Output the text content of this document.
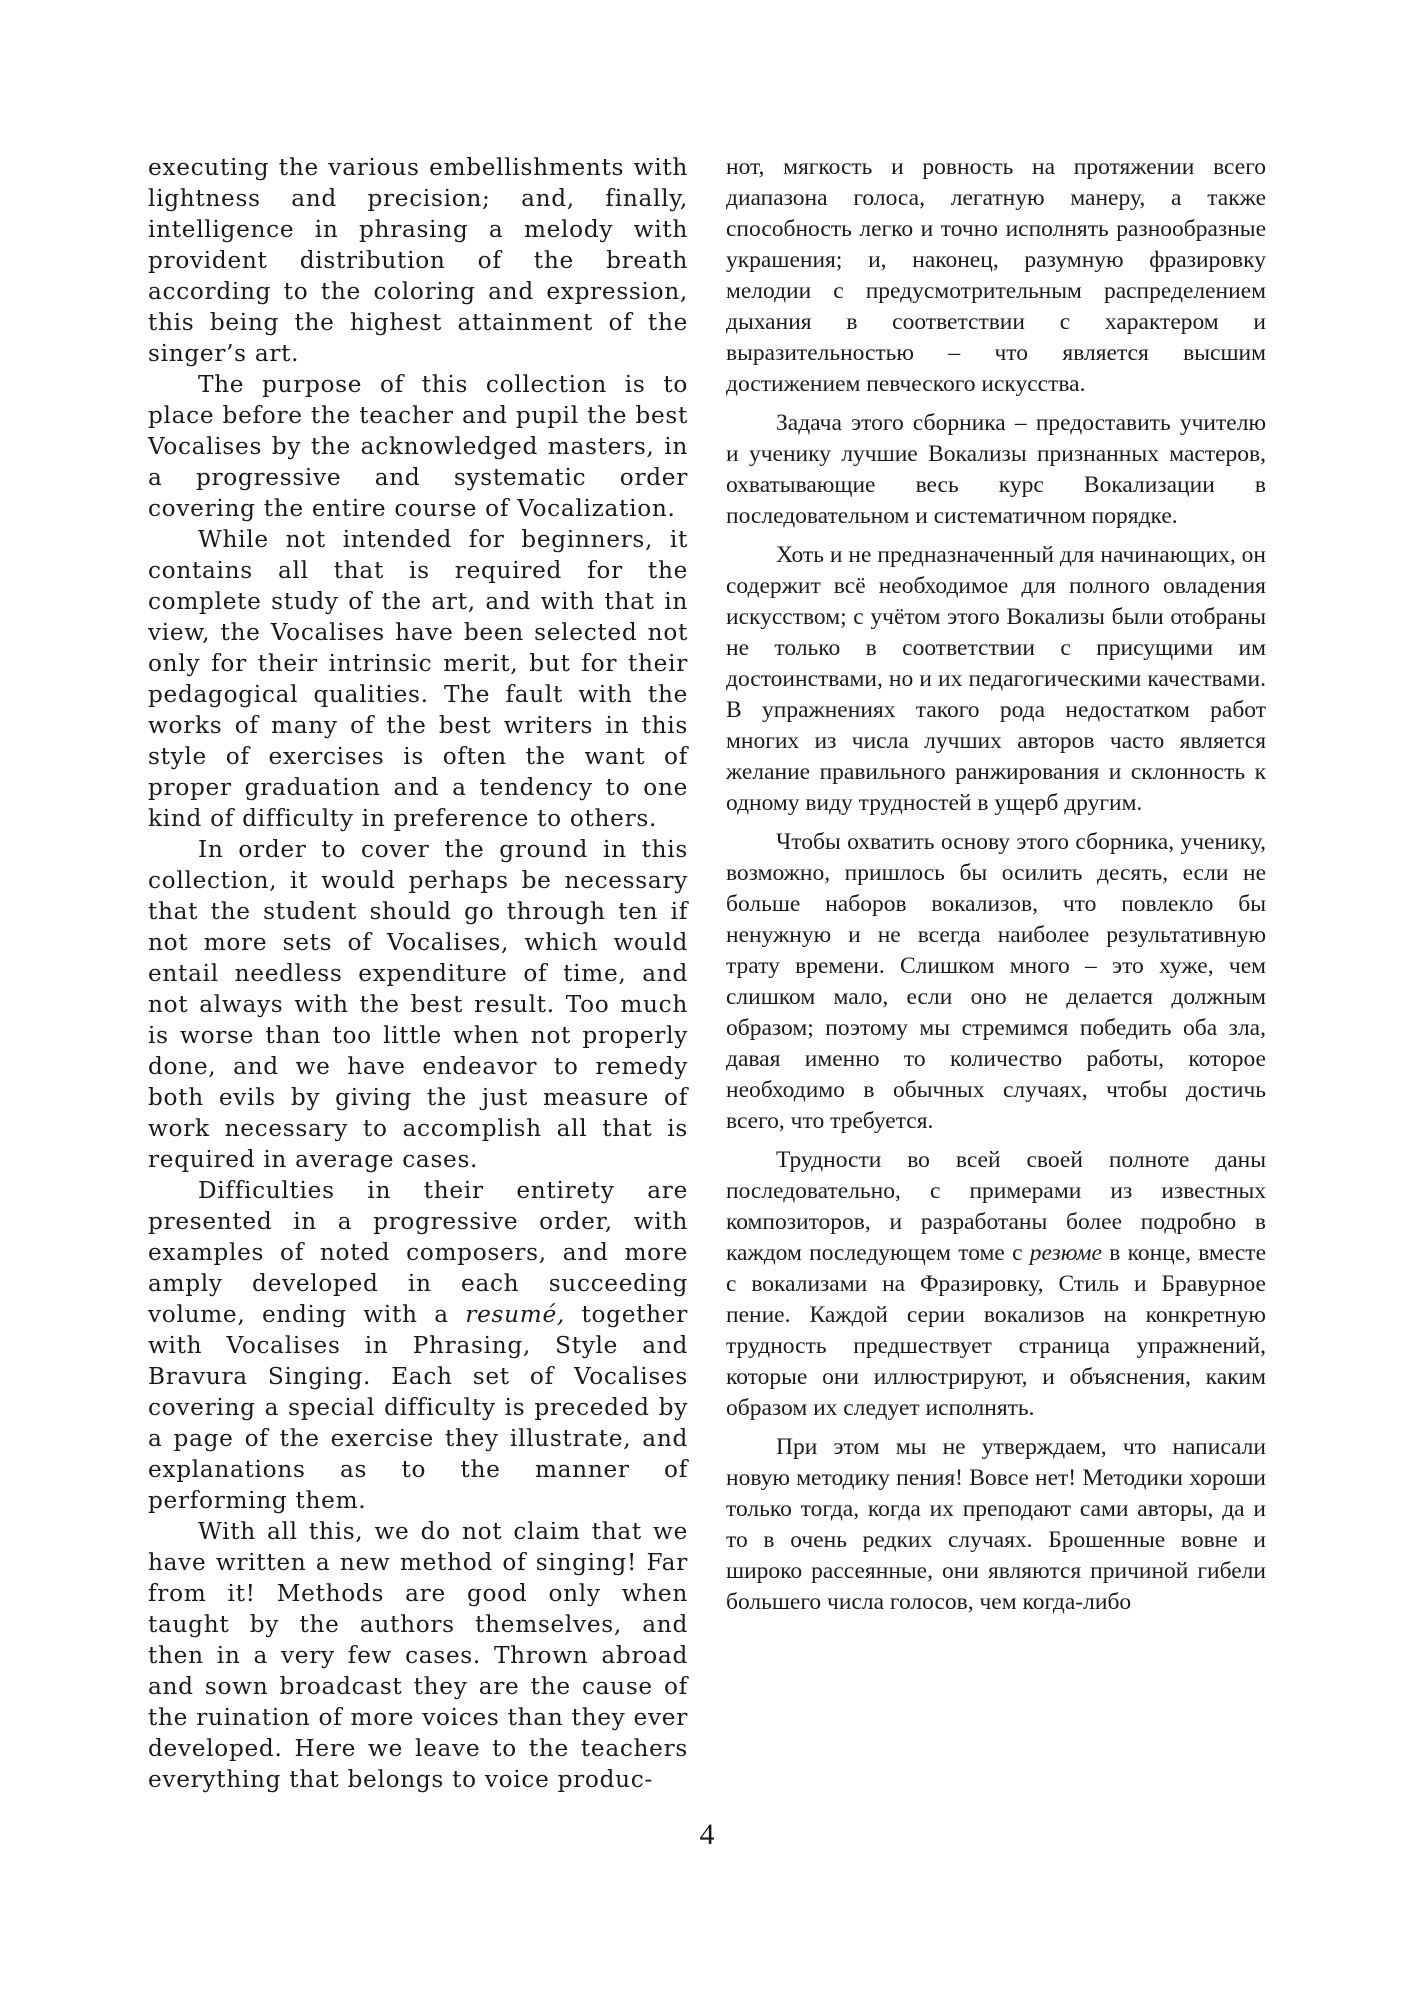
executing the various embellishments with lightness and precision; and, finally, intelligence in phrasing a melody with provident distribution of the breath according to the coloring and expression, this being the highest attainment of the singer’s art.

The purpose of this collection is to place before the teacher and pupil the best Vocalises by the acknowledged masters, in a progressive and systematic order covering the entire course of Vocalization.

While not intended for beginners, it contains all that is required for the complete study of the art, and with that in view, the Vocalises have been selected not only for their intrinsic merit, but for their pedagogical qualities. The fault with the works of many of the best writers in this style of exercises is often the want of proper graduation and a tendency to one kind of difficulty in preference to others.

In order to cover the ground in this collection, it would perhaps be necessary that the student should go through ten if not more sets of Vocalises, which would entail needless expenditure of time, and not always with the best result. Too much is worse than too little when not properly done, and we have endeavor to remedy both evils by giving the just measure of work necessary to accomplish all that is required in average cases.

Difficulties in their entirety are presented in a progressive order, with examples of noted composers, and more amply developed in each succeeding volume, ending with a resumé, together with Vocalises in Phrasing, Style and Bravura Singing. Each set of Vocalises covering a special difficulty is preceded by a page of the exercise they illustrate, and explanations as to the manner of performing them.

With all this, we do not claim that we have written a new method of singing! Far from it! Methods are good only when taught by the authors themselves, and then in a very few cases. Thrown abroad and sown broadcast they are the cause of the ruination of more voices than they ever developed. Here we leave to the teachers everything that belongs to voice produc-

нот, мягкость и ровность на протяжении всего диапазона голоса, легатную манеру, а также способность легко и точно исполнять разнообразные украшения; и, наконец, разумную фразировку мелодии с предусмотрительным распределением дыхания в соответствии с характером и выразительностью – что является высшим достижением певческого искусства.

Задача этого сборника – предоставить учителю и ученику лучшие Вокализы признанных мастеров, охватывающие весь курс Вокализации в последовательном и систематичном порядке.

Хоть и не предназначенный для начинающих, он содержит всё необходимое для полного овладения искусством; с учётом этого Вокализы были отобраны не только в соответствии с присущими им достоинствами, но и их педагогическими качествами. В упражнениях такого рода недостатком работ многих из числа лучших авторов часто является желание правильного ранжирования и склонность к одному виду трудностей в ущерб другим.

Чтобы охватить основу этого сборника, ученику, возможно, пришлось бы осилить десять, если не больше наборов вокализов, что повлекло бы ненужную и не всегда наиболее результативную трату времени. Слишком много – это хуже, чем слишком мало, если оно не делается должным образом; поэтому мы стремимся победить оба зла, давая именно то количество работы, которое необходимо в обычных случаях, чтобы достичь всего, что требуется.

Трудности во всей своей полноте даны последовательно, с примерами из известных композиторов, и разработаны более подробно в каждом последующем томе с резюме в конце, вместе с вокализами на Фразировку, Стиль и Бравурное пение. Каждой серии вокализов на конкретную трудность предшествует страница упражнений, которые они иллюстрируют, и объяснения, каким образом их следует исполнять.

При этом мы не утверждаем, что написали новую методику пения! Вовсе нет! Методики хороши только тогда, когда их преподают сами авторы, да и то в очень редких случаях. Брошенные вовне и широко рассеянные, они являются причиной гибели большего числа голосов, чем когда-либо

4
